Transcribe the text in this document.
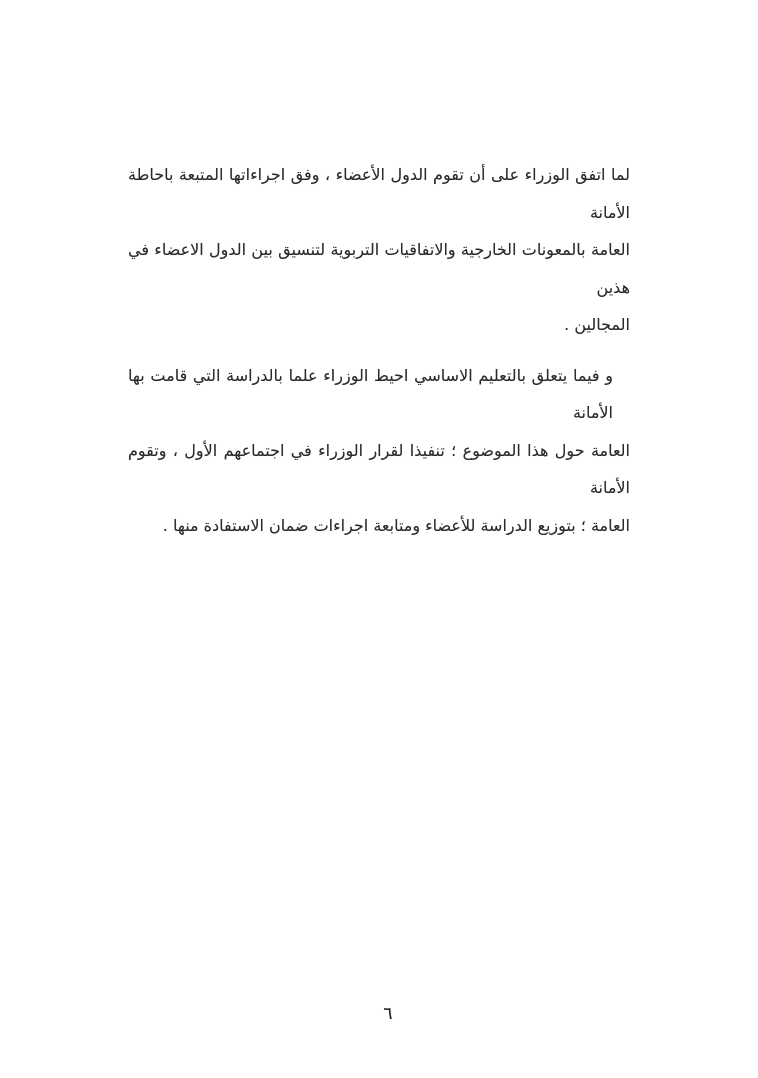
لما اتفق الوزراء على أن تقوم الدول الأعضاء ، وفق اجراءاتها المتبعة باحاطة الأمانة
العامة بالمعونات الخارجية والاتفاقيات التربوية لتنسيق بين الدول الاعضاء في هذين
المجالين .
و فيما يتعلق بالتعليم الاساسي احيط الوزراء علما بالدراسة التي قامت بها الأمانة
العامة حول هذا الموضوع ؛ تنفيذا لقرار الوزراء في اجتماعهم الأول ، وتقوم الأمانة
العامة ؛ بتوزيع الدراسة للأعضاء ومتابعة اجراءات ضمان الاستفادة منها .
٦
